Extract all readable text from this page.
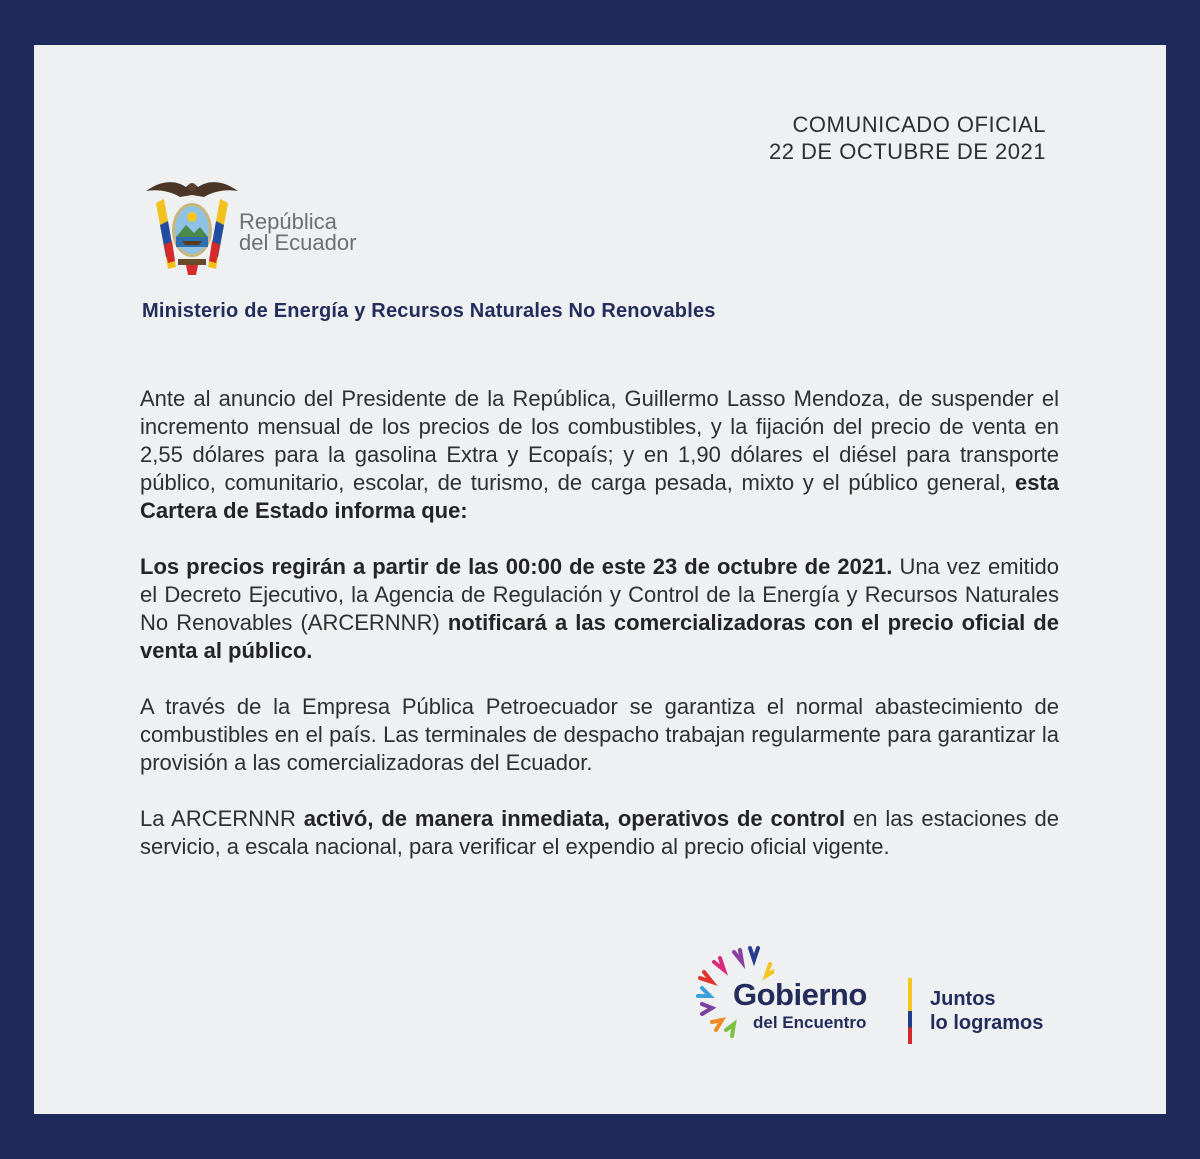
COMUNICADO OFICIAL
22 DE OCTUBRE DE 2021
República
del Ecuador
Ministerio de Energía y Recursos Naturales No Renovables

Ante al anuncio del Presidente de la República, Guillermo Lasso Mendoza, de suspender el incremento mensual de los precios de los combustibles, y la fijación del precio de venta en 2,55 dólares para la gasolina Extra y Ecopaís; y en 1,90 dólares el diésel para transporte público, comunitario, escolar, de turismo, de carga pesada, mixto y el público general, esta Cartera de Estado informa que:

Los precios regirán a partir de las 00:00 de este 23 de octubre de 2021. Una vez emitido el Decreto Ejecutivo, la Agencia de Regulación y Control de la Energía y Recursos Naturales No Renovables (ARCERNNR) notificará a las comercializadoras con el precio oficial de venta al público.

A través de la Empresa Pública Petroecuador se garantiza el normal abastecimiento de combustibles en el país. Las terminales de despacho trabajan regularmente para garantizar la provisión a las comercializadoras del Ecuador.

La ARCERNNR activó, de manera inmediata, operativos de control en las estaciones de servicio, a escala nacional, para verificar el expendio al precio oficial vigente.

Gobierno
del Encuentro
Juntos
lo logramos
